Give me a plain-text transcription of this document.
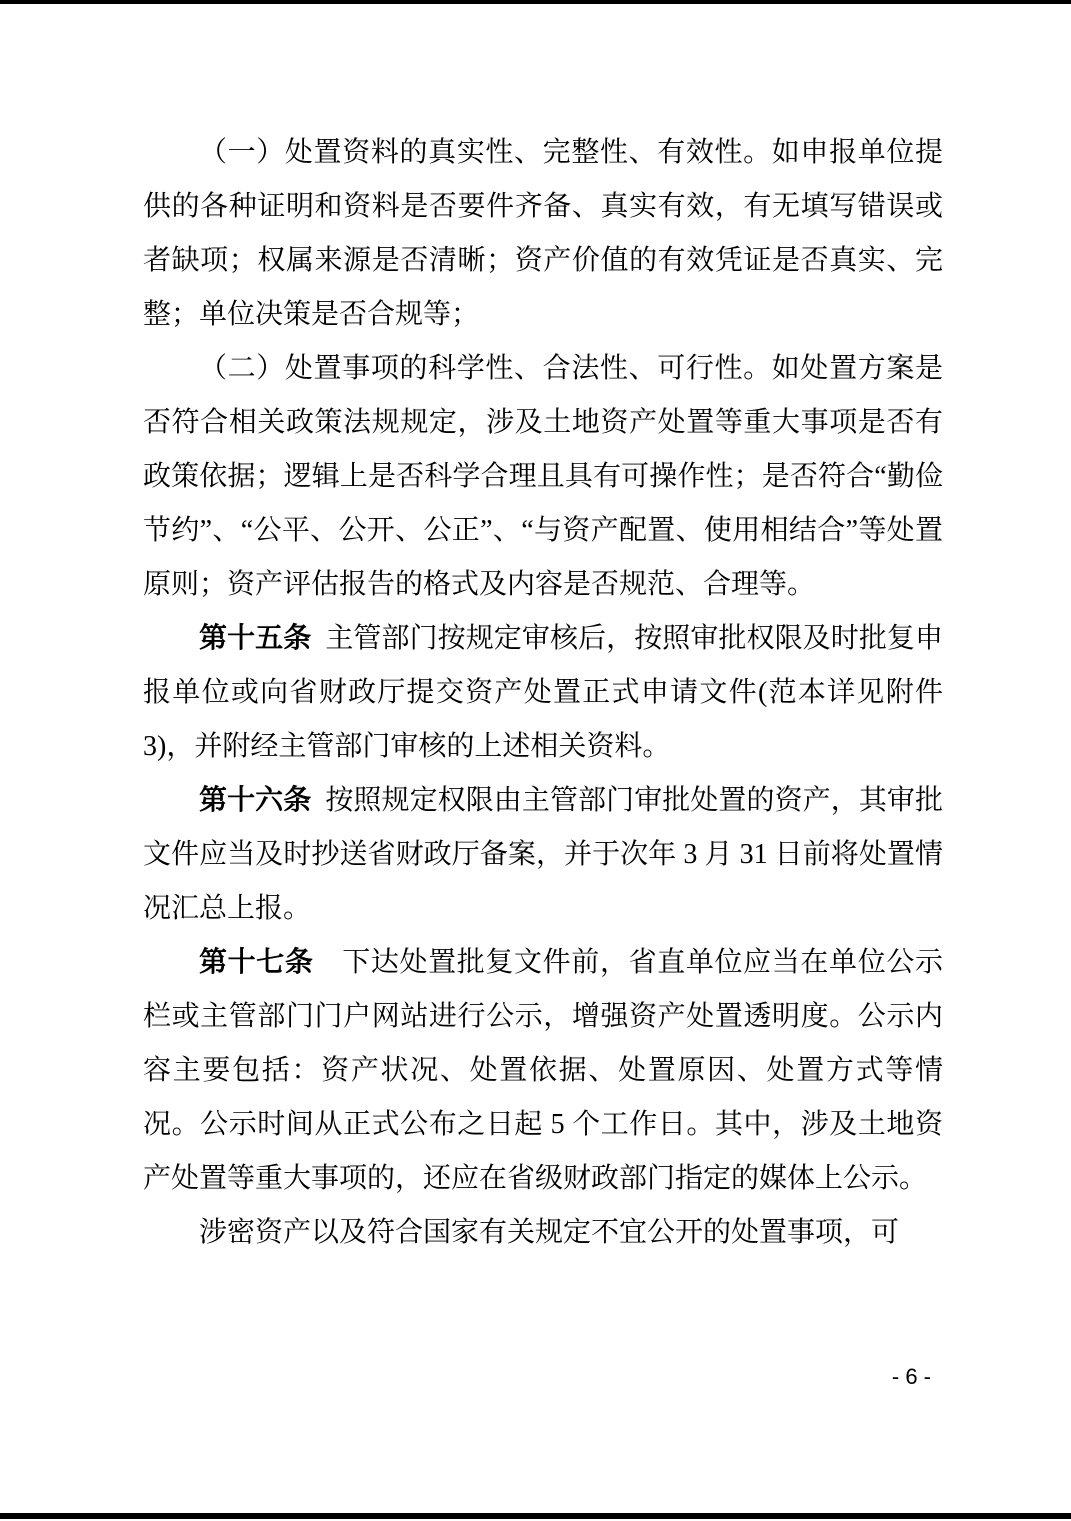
（一）处置资料的真实性、完整性、有效性。如申报单位提供的各种证明和资料是否要件齐备、真实有效，有无填写错误或者缺项；权属来源是否清晰；资产价值的有效凭证是否真实、完整；单位决策是否合规等；

（二）处置事项的科学性、合法性、可行性。如处置方案是否符合相关政策法规规定，涉及土地资产处置等重大事项是否有政策依据；逻辑上是否科学合理且具有可操作性；是否符合“勤俭节约”、“公平、公开、公正”、“与资产配置、使用相结合”等处置原则；资产评估报告的格式及内容是否规范、合理等。

第十五条 主管部门按规定审核后，按照审批权限及时批复申报单位或向省财政厅提交资产处置正式申请文件(范本详见附件 3)，并附经主管部门审核的上述相关资料。

第十六条 按照规定权限由主管部门审批处置的资产，其审批文件应当及时抄送省财政厅备案，并于次年 3 月 31 日前将处置情况汇总上报。

第十七条 下达处置批复文件前，省直单位应当在单位公示栏或主管部门门户网站进行公示，增强资产处置透明度。公示内容主要包括：资产状况、处置依据、处置原因、处置方式等情况。公示时间从正式公布之日起 5 个工作日。其中，涉及土地资产处置等重大事项的，还应在省级财政部门指定的媒体上公示。

涉密资产以及符合国家有关规定不宜公开的处置事项，可

- 6 -
